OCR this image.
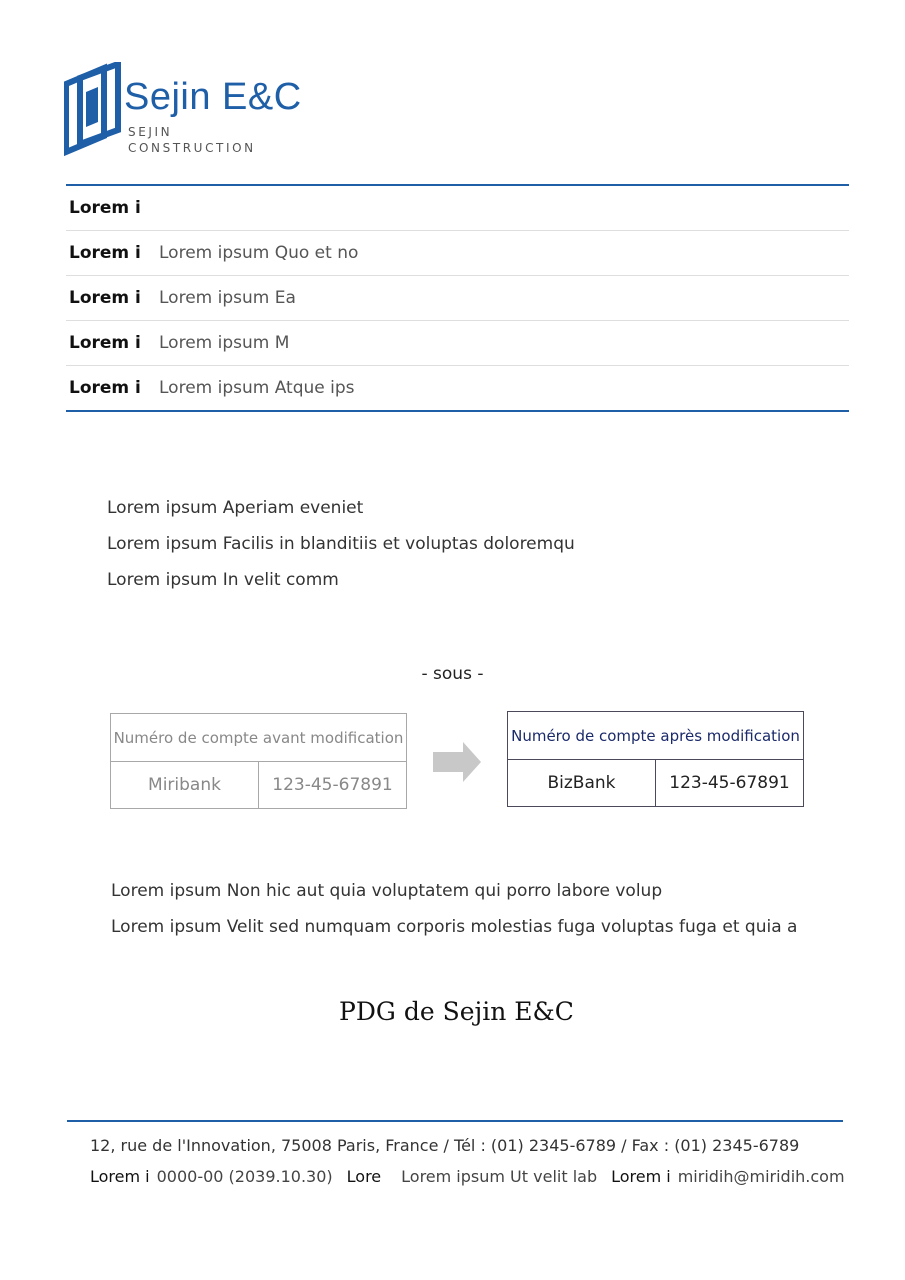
Sejin E&C
SEJIN
CONSTRUCTION
Lorem i
Lorem i	Lorem ipsum Quo et no
Lorem i	Lorem ipsum Ea
Lorem i	Lorem ipsum M
Lorem i	Lorem ipsum Atque ips
Lorem ipsum Aperiam eveniet
Lorem ipsum Facilis in blanditiis et voluptas doloremqu
Lorem ipsum In velit comm
- sous -
Numéro de compte avant modification
Miribank	123-45-67891
Numéro de compte après modification
BizBank	123-45-67891
Lorem ipsum Non hic aut quia voluptatem qui porro labore volup
Lorem ipsum Velit sed numquam corporis molestias fuga voluptas fuga et quia a
PDG de Sejin E&C
12, rue de l'Innovation, 75008 Paris, France / Tél : (01) 2345-6789 / Fax : (01) 2345-6789
Lorem i 0000-00 (2039.10.30) Lore Lorem ipsum Ut velit lab Lorem i miridih@miridih.com
